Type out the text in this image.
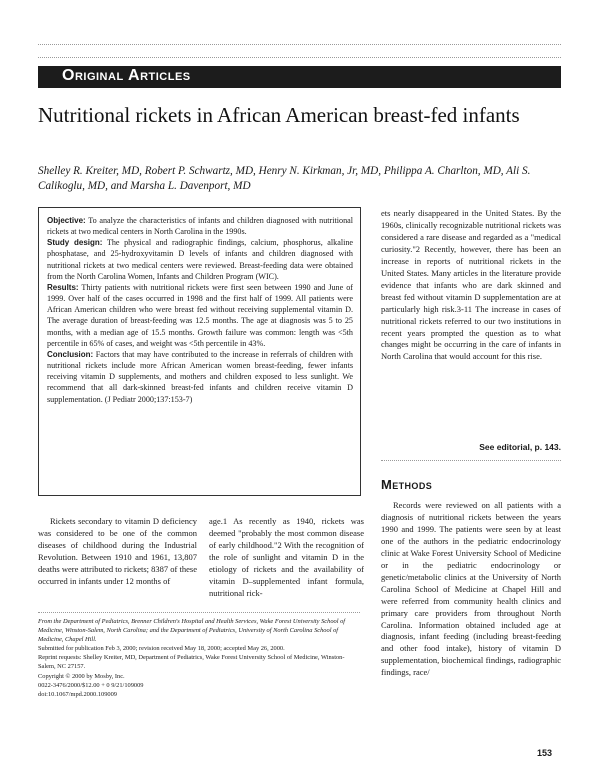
Original Articles
Nutritional rickets in African American breast-fed infants
Shelley R. Kreiter, MD, Robert P. Schwartz, MD, Henry N. Kirkman, Jr, MD, Philippa A. Charlton, MD, Ali S. Calikoglu, MD, and Marsha L. Davenport, MD

Objective: To analyze the characteristics of infants and children diagnosed with nutritional rickets at two medical centers in North Carolina in the 1990s.

Study design: The physical and radiographic findings, calcium, phosphorus, alkaline phosphatase, and 25-hydroxyvitamin D levels of infants and children diagnosed with nutritional rickets at two medical centers were reviewed. Breast-feeding data were obtained from the North Carolina Women, Infants and Children Program (WIC).

Results: Thirty patients with nutritional rickets were first seen between 1990 and June of 1999. Over half of the cases occurred in 1998 and the first half of 1999. All patients were African American children who were breast fed without receiving supplemental vitamin D. The average duration of breast-feeding was 12.5 months. The age at diagnosis was 5 to 25 months, with a median age of 15.5 months. Growth failure was common: length was <5th percentile in 65% of cases, and weight was <5th percentile in 43%.

Conclusion: Factors that may have contributed to the increase in referrals of children with nutritional rickets include more African American women breast-feeding, fewer infants receiving vitamin D supplements, and mothers and children exposed to less sunlight. We recommend that all dark-skinned breast-fed infants and children receive vitamin D supplementation. (J Pediatr 2000;137:153-7)

Rickets secondary to vitamin D deficiency was considered to be one of the common diseases of childhood during the Industrial Revolution. Between 1910 and 1961, 13,807 deaths were attributed to rickets; 8387 of these occurred in infants under 12 months of

age.1 As recently as 1940, rickets was deemed "probably the most common disease of early childhood."2 With the recognition of the role of sunlight and vitamin D in the etiology of rickets and the availability of vitamin D–supplemented infant formula, nutritional rick-

ets nearly disappeared in the United States. By the 1960s, clinically recognizable nutritional rickets was considered a rare disease and regarded as a "medical curiosity."2 Recently, however, there has been an increase in reports of nutritional rickets in the United States. Many articles in the literature provide evidence that infants who are dark skinned and breast fed without vitamin D supplementation are at particularly high risk.3-11 The increase in cases of nutritional rickets referred to our two institutions in recent years prompted the question as to what changes might be occurring in the care of infants in North Carolina that would account for this rise.

See editorial, p. 143.
Methods

Records were reviewed on all patients with a diagnosis of nutritional rickets between the years 1990 and 1999. The patients were seen by at least one of the authors in the pediatric endocrinology clinic at Wake Forest University School of Medicine or in the pediatric endocrinology or genetic/metabolic clinics at the University of North Carolina School of Medicine at Chapel Hill and were referred from community health clinics and primary care providers from throughout North Carolina. Information obtained included age at diagnosis, infant feeding (including breast-feeding and other food intake), history of vitamin D supplementation, biochemical findings, radiographic findings, race/

From the Department of Pediatrics, Brenner Children's Hospital and Health Services, Wake Forest University School of Medicine, Winston-Salem, North Carolina; and the Department of Pediatrics, University of North Carolina School of Medicine, Chapel Hill.

Submitted for publication Feb 3, 2000; revision received May 18, 2000; accepted May 26, 2000.

Reprint requests: Shelley Kreiter, MD, Department of Pediatrics, Wake Forest University School of Medicine, Winston-Salem, NC 27157.

Copyright © 2000 by Mosby, Inc.

0022-3476/2000/$12.00 + 0 9/21/109009

doi:10.1067/mpd.2000.109009

153
